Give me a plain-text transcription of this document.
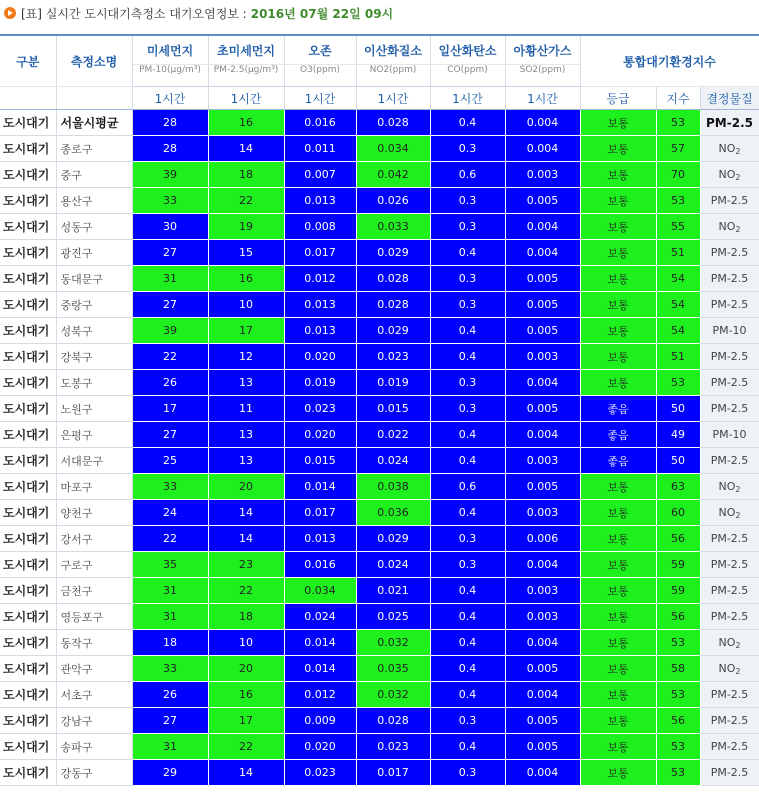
[표] 실시간 도시대기측정소 대기오염정보 : 2016년 07월 22일 09시
구분	측정소명	미세먼지	초미세먼지	오존	이산화질소	일산화탄소	아황산가스	통합대기환경지수		
		PM-10(μg/m³)	PM-2.5(μg/m³)	O3(ppm)	NO2(ppm)	CO(ppm)	SO2(ppm)			
		1시간	1시간	1시간	1시간	1시간	1시간	등급	지수	결정물질
도시대기	서울시평균	28	16	0.016	0.028	0.4	0.004	보통	53	PM-2.5
도시대기	종로구	28	14	0.011	0.034	0.3	0.004	보통	57	$NO_2$
도시대기	중구	39	18	0.007	0.042	0.6	0.003	보통	70	$NO_2$
도시대기	용산구	33	22	0.013	0.026	0.3	0.005	보통	53	PM-2.5
도시대기	성동구	30	19	0.008	0.033	0.3	0.004	보통	55	$NO_2$
도시대기	광진구	27	15	0.017	0.029	0.4	0.004	보통	51	PM-2.5
도시대기	동대문구	31	16	0.012	0.028	0.3	0.005	보통	54	PM-2.5
도시대기	중랑구	27	10	0.013	0.028	0.3	0.005	보통	54	PM-2.5
도시대기	성북구	39	17	0.013	0.029	0.4	0.005	보통	54	PM-10
도시대기	강북구	22	12	0.020	0.023	0.4	0.003	보통	51	PM-2.5
도시대기	도봉구	26	13	0.019	0.019	0.3	0.004	보통	53	PM-2.5
도시대기	노원구	17	11	0.023	0.015	0.3	0.005	좋음	50	PM-2.5
도시대기	은평구	27	13	0.020	0.022	0.4	0.004	좋음	49	PM-10
도시대기	서대문구	25	13	0.015	0.024	0.4	0.003	좋음	50	PM-2.5
도시대기	마포구	33	20	0.014	0.038	0.6	0.005	보통	63	$NO_2$
도시대기	양천구	24	14	0.017	0.036	0.4	0.003	보통	60	$NO_2$
도시대기	강서구	22	14	0.013	0.029	0.3	0.006	보통	56	PM-2.5
도시대기	구로구	35	23	0.016	0.024	0.3	0.004	보통	59	PM-2.5
도시대기	금천구	31	22	0.034	0.021	0.4	0.003	보통	59	PM-2.5
도시대기	영등포구	31	18	0.024	0.025	0.4	0.003	보통	56	PM-2.5
도시대기	동작구	18	10	0.014	0.032	0.4	0.004	보통	53	$NO_2$
도시대기	관악구	33	20	0.014	0.035	0.4	0.005	보통	58	$NO_2$
도시대기	서초구	26	16	0.012	0.032	0.4	0.004	보통	53	PM-2.5
도시대기	강남구	27	17	0.009	0.028	0.3	0.005	보통	56	PM-2.5
도시대기	송파구	31	22	0.020	0.023	0.4	0.005	보통	53	PM-2.5
도시대기	강동구	29	14	0.023	0.017	0.3	0.004	보통	53	PM-2.5
